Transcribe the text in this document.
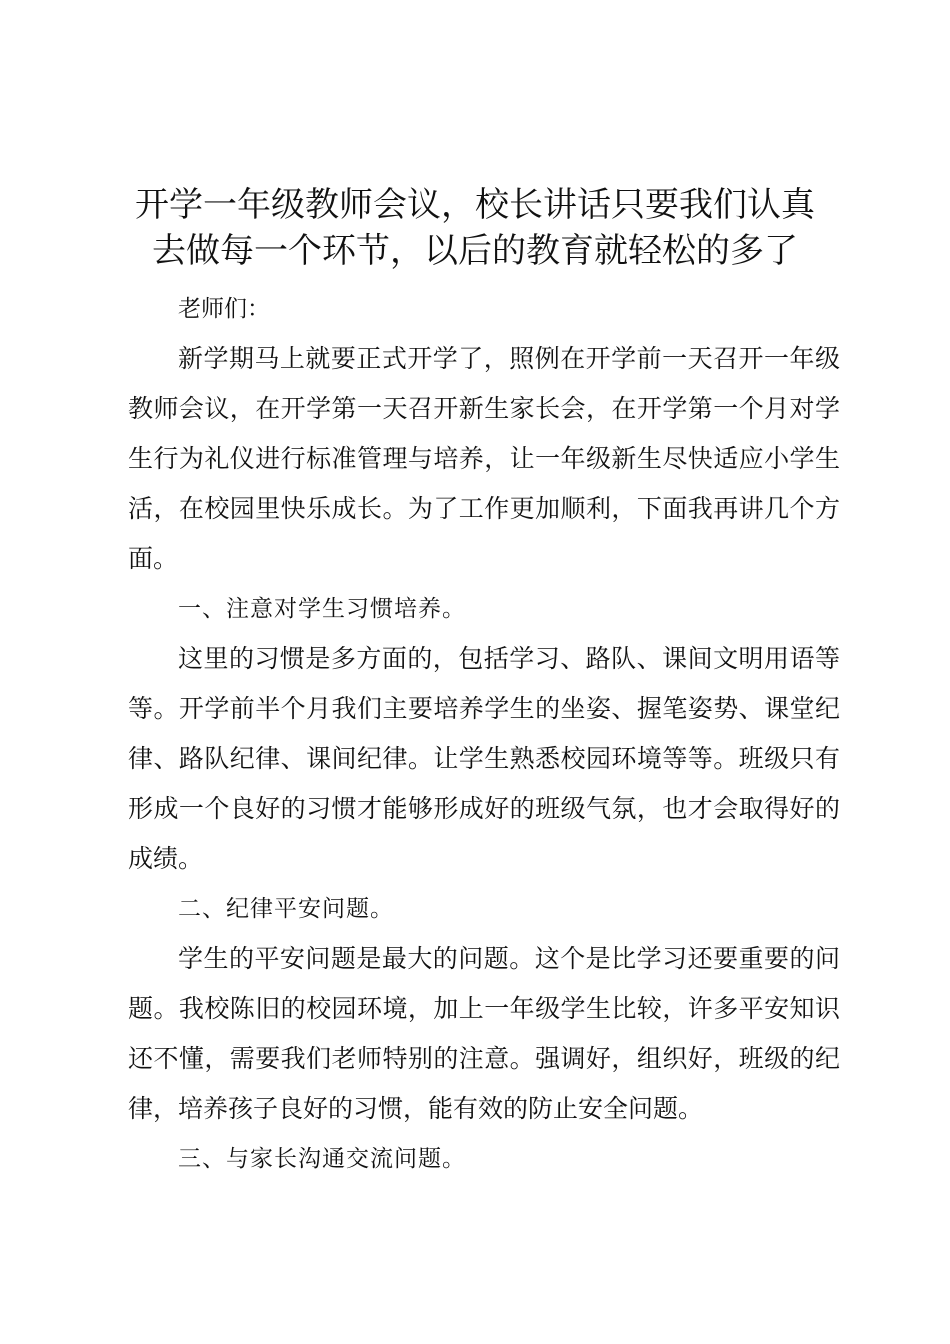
开学一年级教师会议，校长讲话只要我们认真
去做每一个环节，以后的教育就轻松的多了

老师们：

新学期马上就要正式开学了，照例在开学前一天召开一年级教师会议，在开学第一天召开新生家长会，在开学第一个月对学生行为礼仪进行标准管理与培养，让一年级新生尽快适应小学生活，在校园里快乐成长。为了工作更加顺利，下面我再讲几个方面。

一、注意对学生习惯培养。

这里的习惯是多方面的，包括学习、路队、课间文明用语等等。开学前半个月我们主要培养学生的坐姿、握笔姿势、课堂纪律、路队纪律、课间纪律。让学生熟悉校园环境等等。班级只有形成一个良好的习惯才能够形成好的班级气氛，也才会取得好的成绩。

二、纪律平安问题。

学生的平安问题是最大的问题。这个是比学习还要重要的问题。我校陈旧的校园环境，加上一年级学生比较，许多平安知识还不懂，需要我们老师特别的注意。强调好，组织好，班级的纪律，培养孩子良好的习惯，能有效的防止安全问题。

三、与家长沟通交流问题。
